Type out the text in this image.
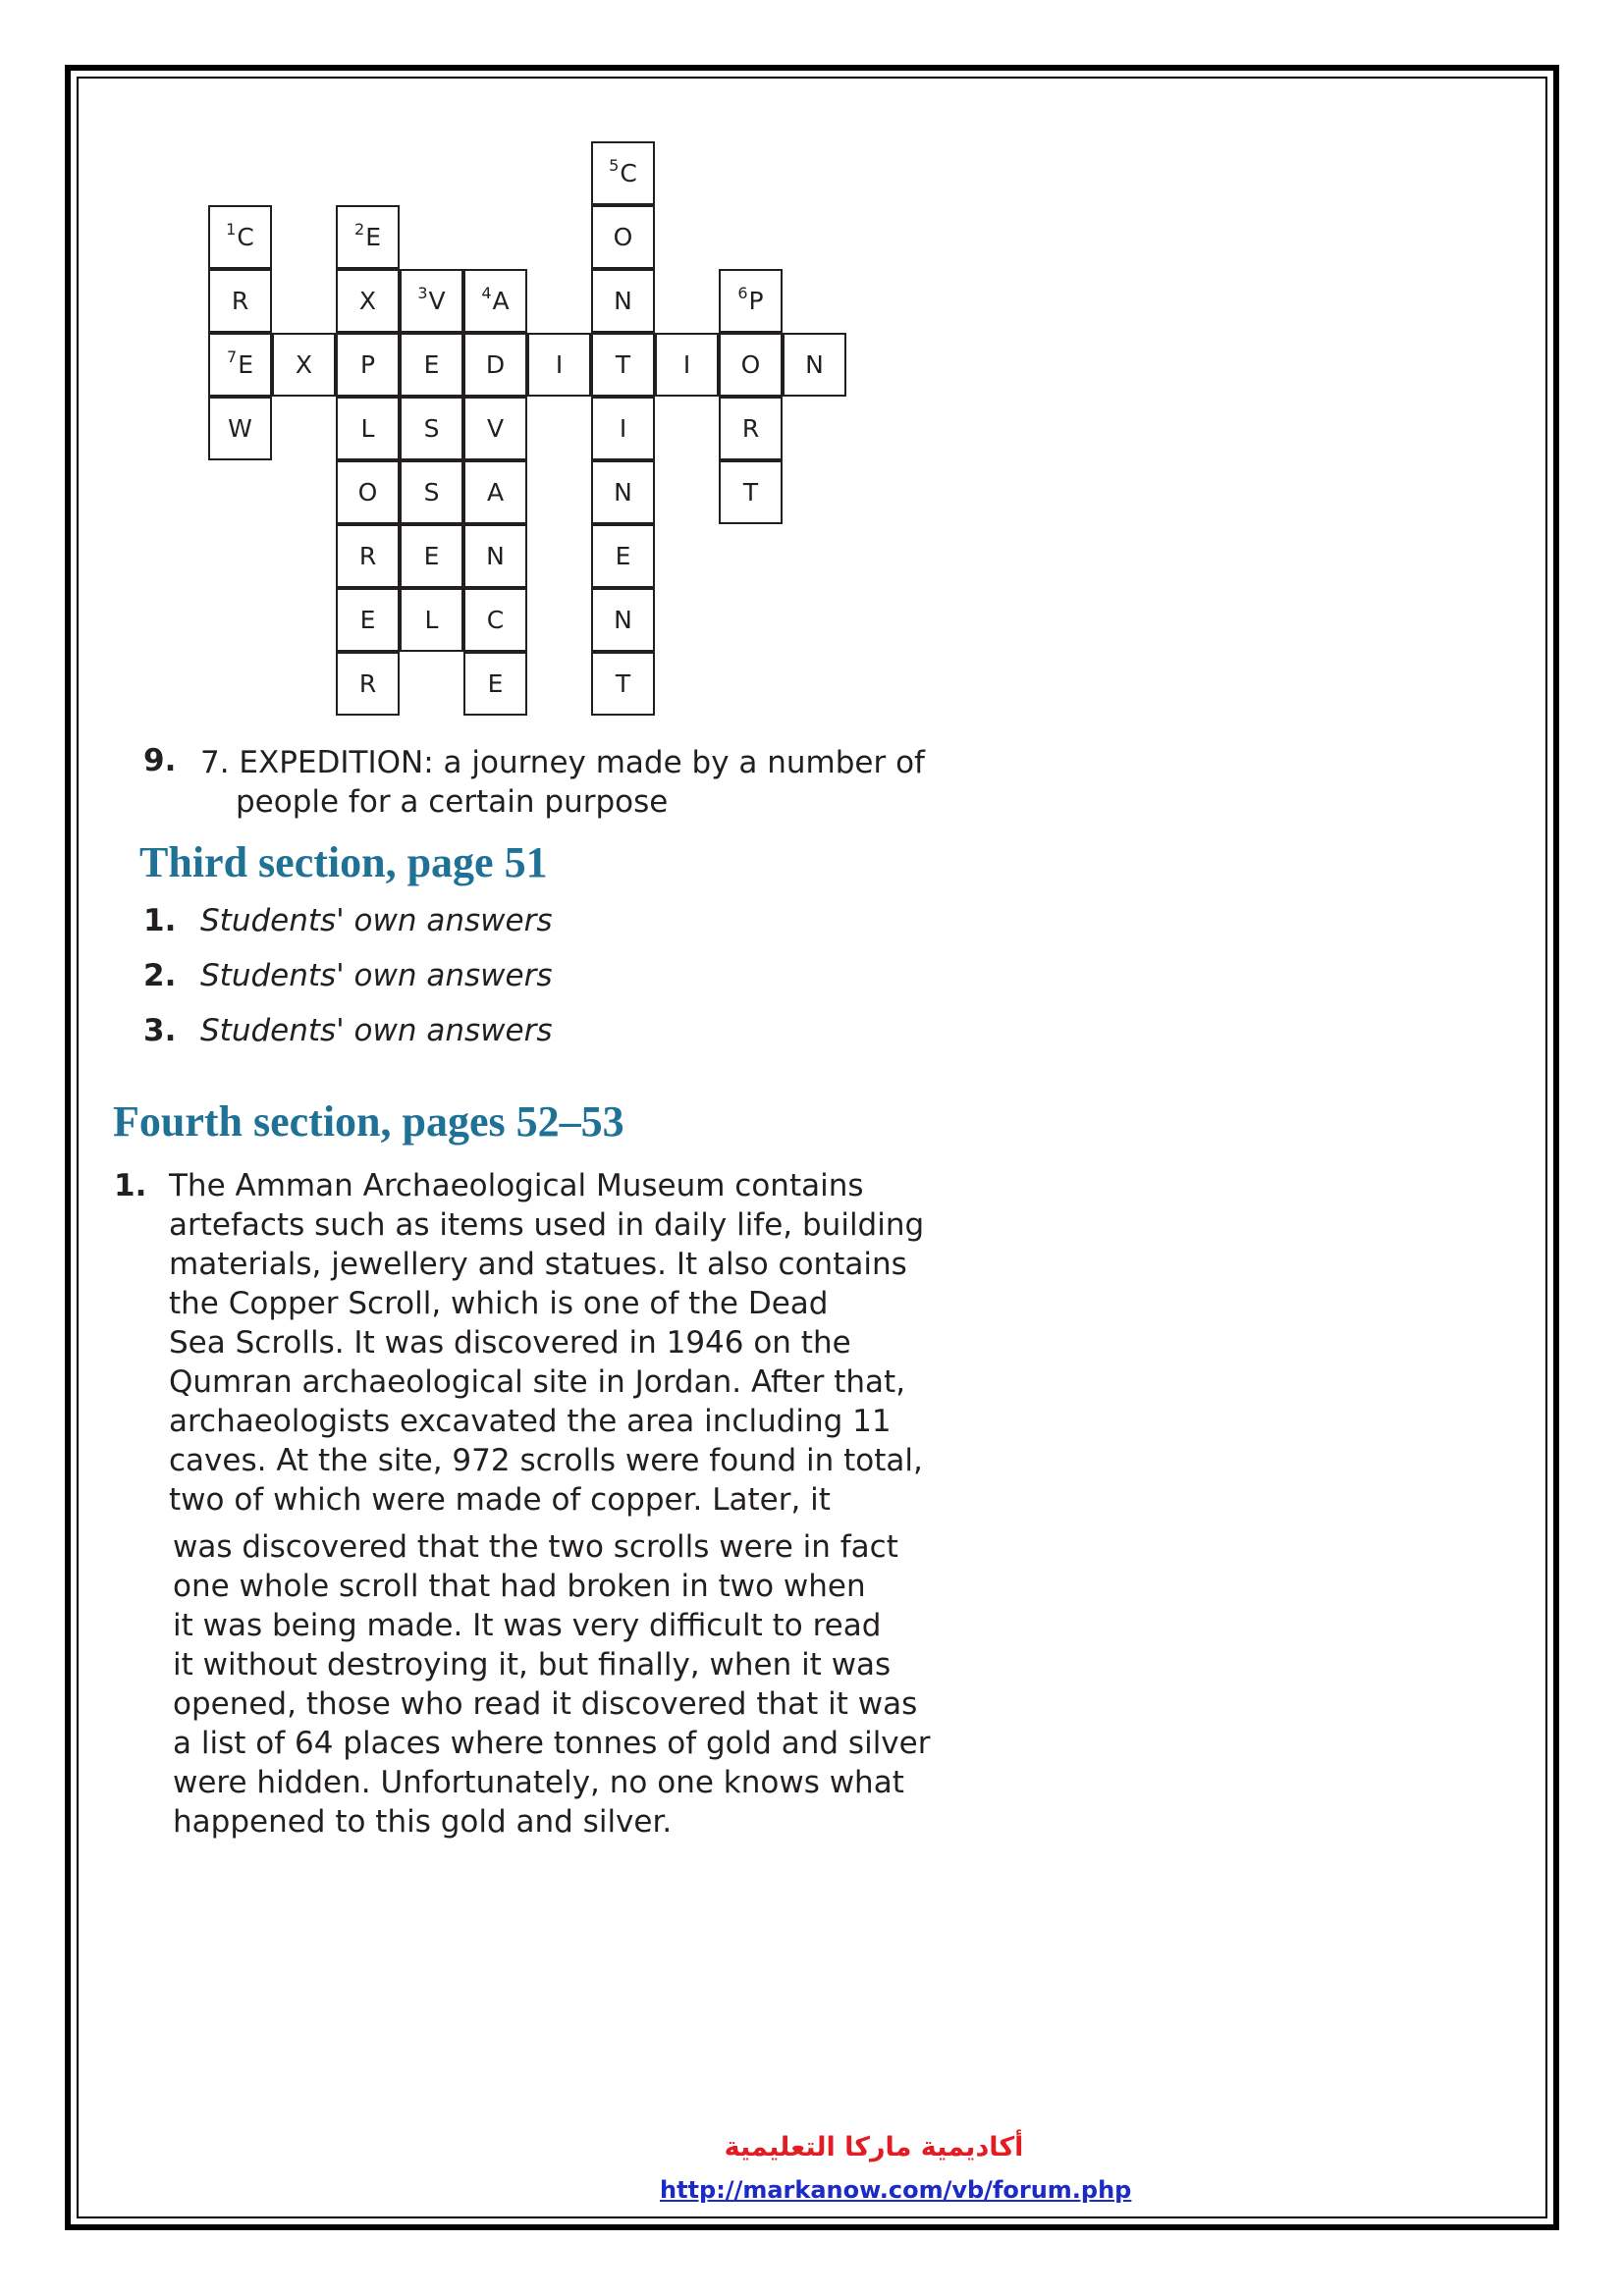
5 C
1 C	2 E	O
R	X	3 V 4 A	N	6 P
7 E X P E D I T I O N
W	L S V	I	R
O S A	N	T
R E N	E
E L C	N
R	E	T
9. 7. EXPEDITION: a journey made by a number of
people for a certain purpose
Third section, page 51
1. Students' own answers
2. Students' own answers
3. Students' own answers
Fourth section, pages 52–53
1. The Amman Archaeological Museum contains
artefacts such as items used in daily life, building
materials, jewellery and statues. It also contains
the Copper Scroll, which is one of the Dead
Sea Scrolls. It was discovered in 1946 on the
Qumran archaeological site in Jordan. After that,
archaeologists excavated the area including 11
caves. At the site, 972 scrolls were found in total,
two of which were made of copper. Later, it
was discovered that the two scrolls were in fact
one whole scroll that had broken in two when
it was being made. It was very difficult to read
it without destroying it, but finally, when it was
opened, those who read it discovered that it was
a list of 64 places where tonnes of gold and silver
were hidden. Unfortunately, no one knows what
happened to this gold and silver.
أكاديمية ماركا التعليمية
http://markanow.com/vb/forum.php
